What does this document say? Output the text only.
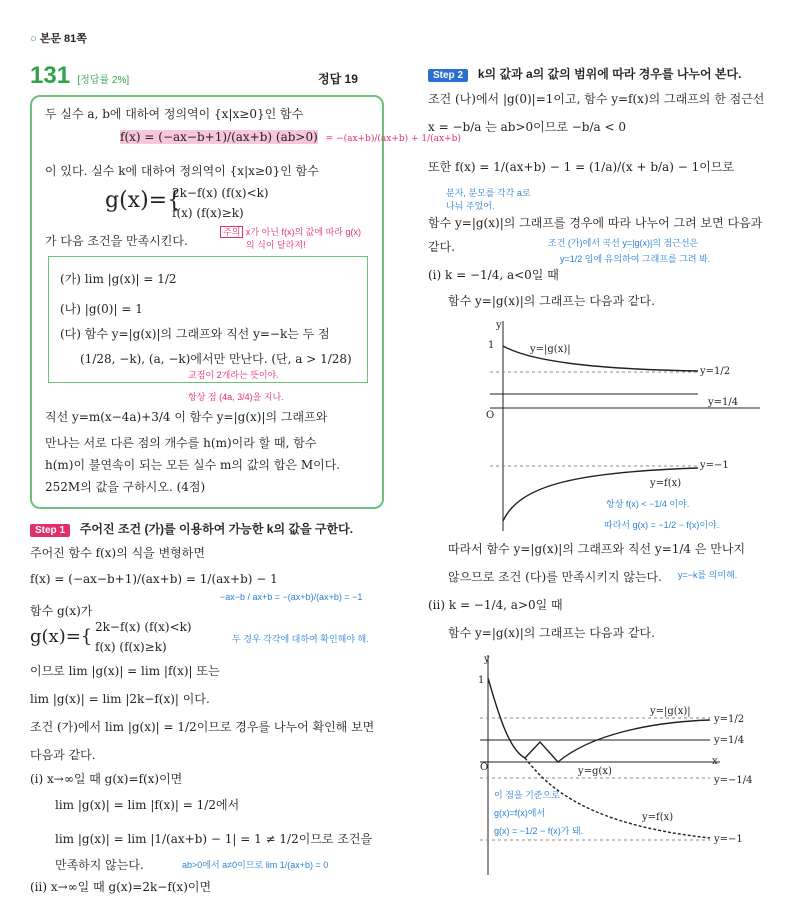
○ 본문 81쪽
131 [정답률 2%]	정답 19
두 실수 a, b에 대하여 정의역이 {x|x≥0}인 함수
f(x) = (−ax−b+1)/(ax+b) (ab>0) = −(ax+b)/(ax+b) + 1/(ax+b)
이 있다. 실수 k에 대하여 정의역이 {x|x≥0}인 함수
g(x)={
2k−f(x) (f(x)<k)
f(x) (f(x)≥k)
가 다음 조건을 만족시킨다.
주의 x가 아닌 f(x)의 값에 따라 g(x)의 식이 달라져!
(가) lim |g(x)| = 1/2
(나) |g(0)| = 1
(다) 함수 y=|g(x)|의 그래프와 직선 y=−k는 두 점
(1/28, −k), (a, −k)에서만 만난다. (단, a > 1/28)
교점이 2개라는 뜻이야.
항상 점 (4a, 3/4)을 지나.
직선 y=m(x−4a)+3/4 이 함수 y=|g(x)|의 그래프와
만나는 서로 다른 점의 개수를 h(m)이라 할 때, 함수
h(m)이 불연속이 되는 모든 실수 m의 값의 합은 M이다.
252M의 값을 구하시오. (4점)
Step 1 주어진 조건 (가)를 이용하여 가능한 k의 값을 구한다.
주어진 함수 f(x)의 식을 변형하면
f(x) = (−ax−b+1)/(ax+b) = 1/(ax+b) − 1
−ax−b / ax+b = −(ax+b)/(ax+b) = −1
함수 g(x)가
g(x)={ 2k−f(x) (f(x)<k)
f(x) (f(x)≥k)
두 경우 각각에 대하여 확인해야 해.
이므로 lim |g(x)| = lim |f(x)| 또는
lim |g(x)| = lim |2k−f(x)| 이다.
조건 (가)에서 lim |g(x)| = 1/2이므로 경우를 나누어 확인해 보면
다음과 같다.
(ⅰ) x→∞일 때 g(x)=f(x)이면
lim |g(x)| = lim |f(x)| = 1/2에서
lim |g(x)| = lim |1/(ax+b) − 1| = 1 ≠ 1/2이므로 조건을
만족하지 않는다.	ab>0에서 a≠0이므로 lim 1/(ax+b) = 0
(ⅱ) x→∞일 때 g(x)=2k−f(x)이면
Step 2 k의 값과 a의 값의 범위에 따라 경우를 나누어 본다.
조건 (나)에서 |g(0)|=1이고, 함수 y=f(x)의 그래프의 한 점근선
x = −b/a 는 ab>0이므로 −b/a < 0
또한 f(x) = 1/(ax+b) − 1 = (1/a)/(x + b/a) − 1이므로
분자, 분모를 각각 a로 나눠 주었어.
함수 y=|g(x)|의 그래프를 경우에 따라 나누어 그려 보면 다음과
같다.	조건 (가)에서 곡선 y=|g(x)|의 점근선은
y=1/2 임에 유의하여 그래프를 그려 봐.
(ⅰ) k = −1/4, a<0일 때
함수 y=|g(x)|의 그래프는 다음과 같다.
y
1	y=|g(x)|
y=1/2
y=1/4
O
y=−1
y=f(x)
항상 f(x) < −1/4 이야.
따라서 g(x) = −1/2 − f(x)이야.
따라서 함수 y=|g(x)|의 그래프와 직선 y=1/4 은 만나지
않으므로 조건 (다)를 만족시키지 않는다. y=−k를 의미해.
(ⅱ) k = −1/4, a>0일 때
함수 y=|g(x)|의 그래프는 다음과 같다.
y
1
y=|g(x)|
y=1/2
y=1/4
x
O	y=g(x)
y=−1/4
이 점을 기준으로
g(x)=f(x)에서	y=f(x)
g(x) = −1/2 − f(x)가 돼.
y=−1
